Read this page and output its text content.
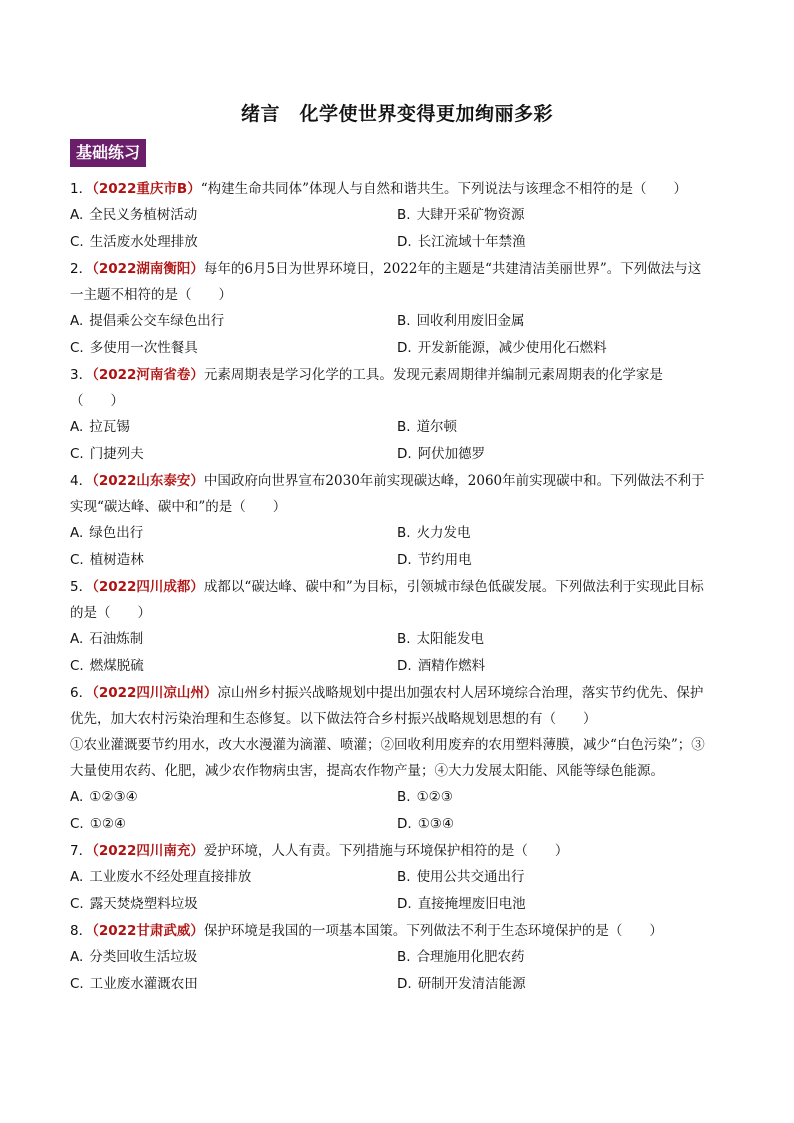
绪言　化学使世界变得更加绚丽多彩
基础练习

1．（2022重庆市B）“构建生命共同体”体现人与自然和谐共生。下列说法与该理念不相符的是（　　）

A. 全民义务植树活动	B. 大肆开采矿物资源
C. 生活废水处理排放	D. 长江流域十年禁渔

2．（2022湖南衡阳）每年的6月5日为世界环境日，2022年的主题是“共建清洁美丽世界”。下列做法与这

一主题不相符的是（　　）

A. 提倡乘公交车绿色出行	B. 回收利用废旧金属
C. 多使用一次性餐具	D. 开发新能源，减少使用化石燃料

3．（2022河南省卷）元素周期表是学习化学的工具。发现元素周期律并编制元素周期表的化学家是

（　　）

A. 拉瓦锡	B. 道尔顿
C. 门捷列夫	D. 阿伏加德罗

4．（2022山东泰安）中国政府向世界宣布2030年前实现碳达峰，2060年前实现碳中和。下列做法不利于

实现“碳达峰、碳中和”的是（　　）

A. 绿色出行	B. 火力发电
C. 植树造林	D. 节约用电

5．（2022四川成都）成都以“碳达峰、碳中和”为目标，引领城市绿色低碳发展。下列做法利于实现此目标

的是（　　）

A. 石油炼制	B. 太阳能发电
C. 燃煤脱硫	D. 酒精作燃料

6．（2022四川凉山州）凉山州乡村振兴战略规划中提出加强农村人居环境综合治理，落实节约优先、保护

优先，加大农村污染治理和生态修复。以下做法符合乡村振兴战略规划思想的有（　　）

①农业灌溉要节约用水，改大水漫灌为滴灌、喷灌；②回收利用废弃的农用塑料薄膜，减少“白色污染”；③

大量使用农药、化肥，减少农作物病虫害，提高农作物产量；④大力发展太阳能、风能等绿色能源。

A. ①②③④	B. ①②③
C. ①②④	D. ①③④

7．（2022四川南充）爱护环境，人人有责。下列措施与环境保护相符的是（　　）

A. 工业废水不经处理直接排放	B. 使用公共交通出行
C. 露天焚烧塑料垃圾	D. 直接掩埋废旧电池

8．（2022甘肃武威）保护环境是我国的一项基本国策。下列做法不利于生态环境保护的是（　　）

A. 分类回收生活垃圾	B. 合理施用化肥农药
C. 工业废水灌溉农田	D. 研制开发清洁能源
